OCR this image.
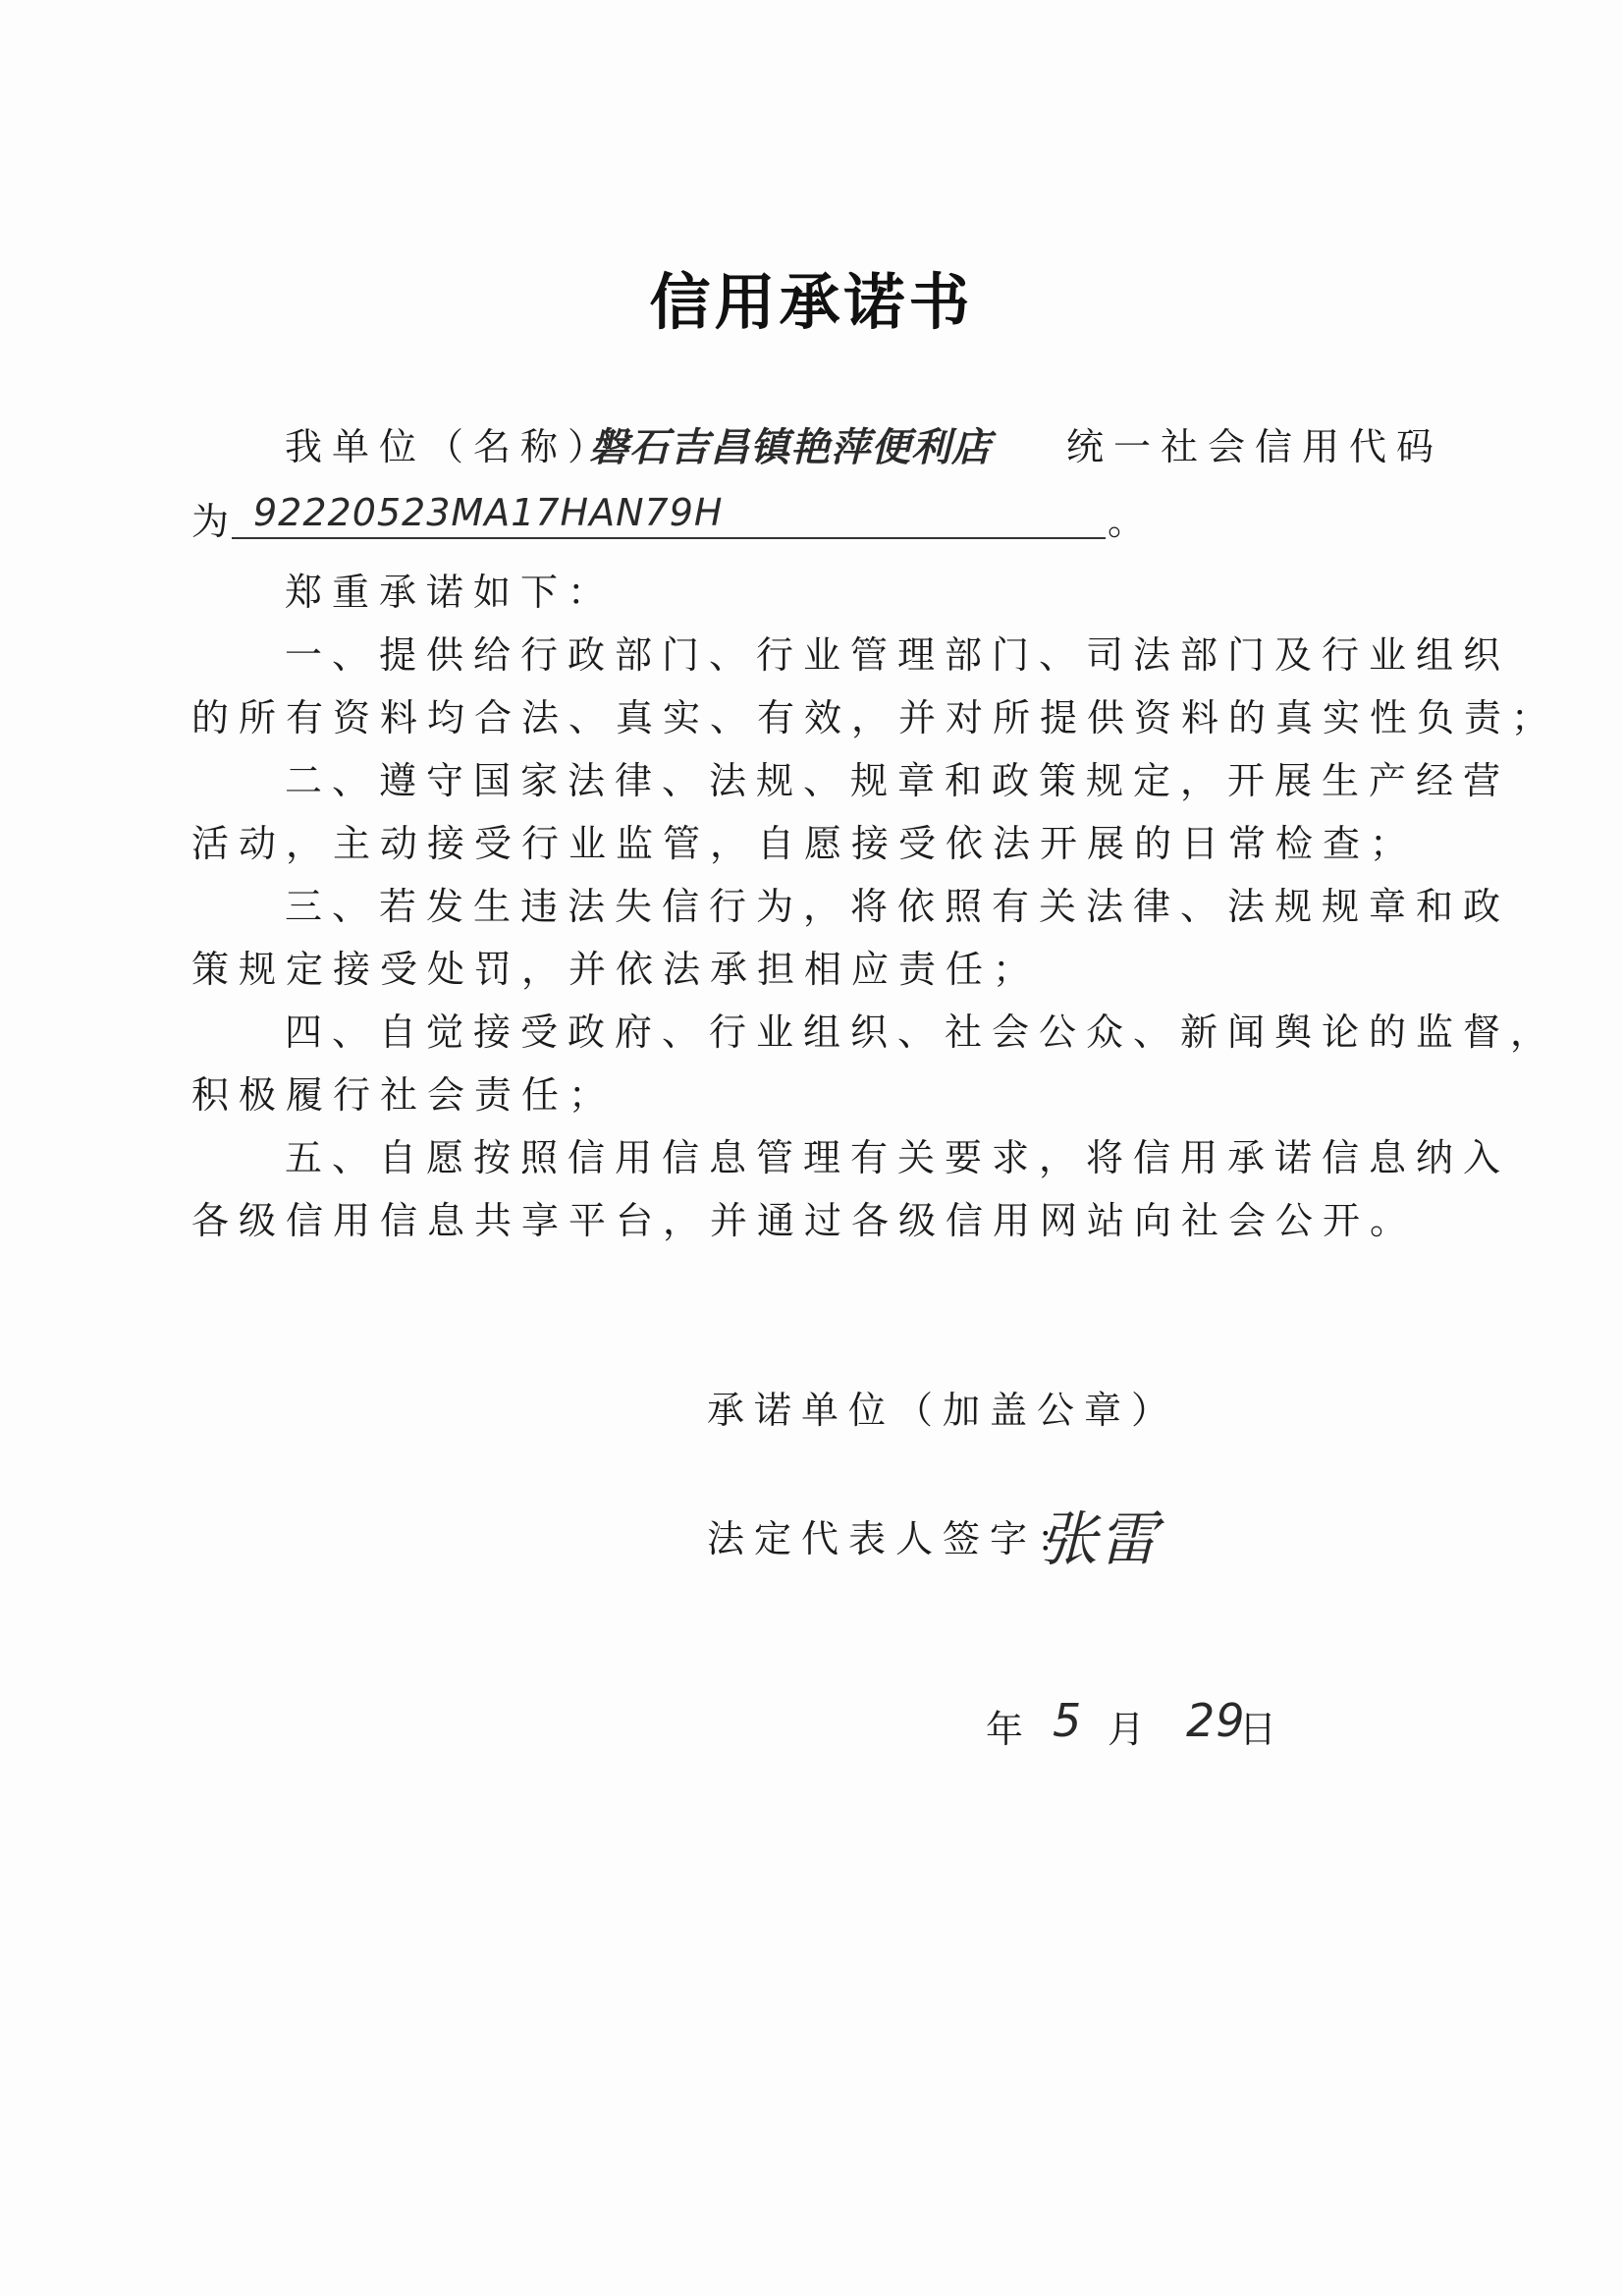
信用承诺书
我单位（名称）
磐石吉昌镇艳萍便利店 统一社会信用代码
为 92220523MA17HAN79H	。
郑重承诺如下：
一、提供给行政部门、行业管理部门、司法部门及行业组织
的所有资料均合法、真实、有效，并对所提供资料的真实性负责；
二、遵守国家法律、法规、规章和政策规定，开展生产经营
活动，主动接受行业监管，自愿接受依法开展的日常检查；
三、若发生违法失信行为，将依照有关法律、法规规章和政
策规定接受处罚，并依法承担相应责任；
四、自觉接受政府、行业组织、社会公众、新闻舆论的监督，
积极履行社会责任；
五、自愿按照信用信息管理有关要求，将信用承诺信息纳入
各级信用信息共享平台，并通过各级信用网站向社会公开。
承诺单位（加盖公章）
法定代表人签字：
张雷
年 5 月 29
日
